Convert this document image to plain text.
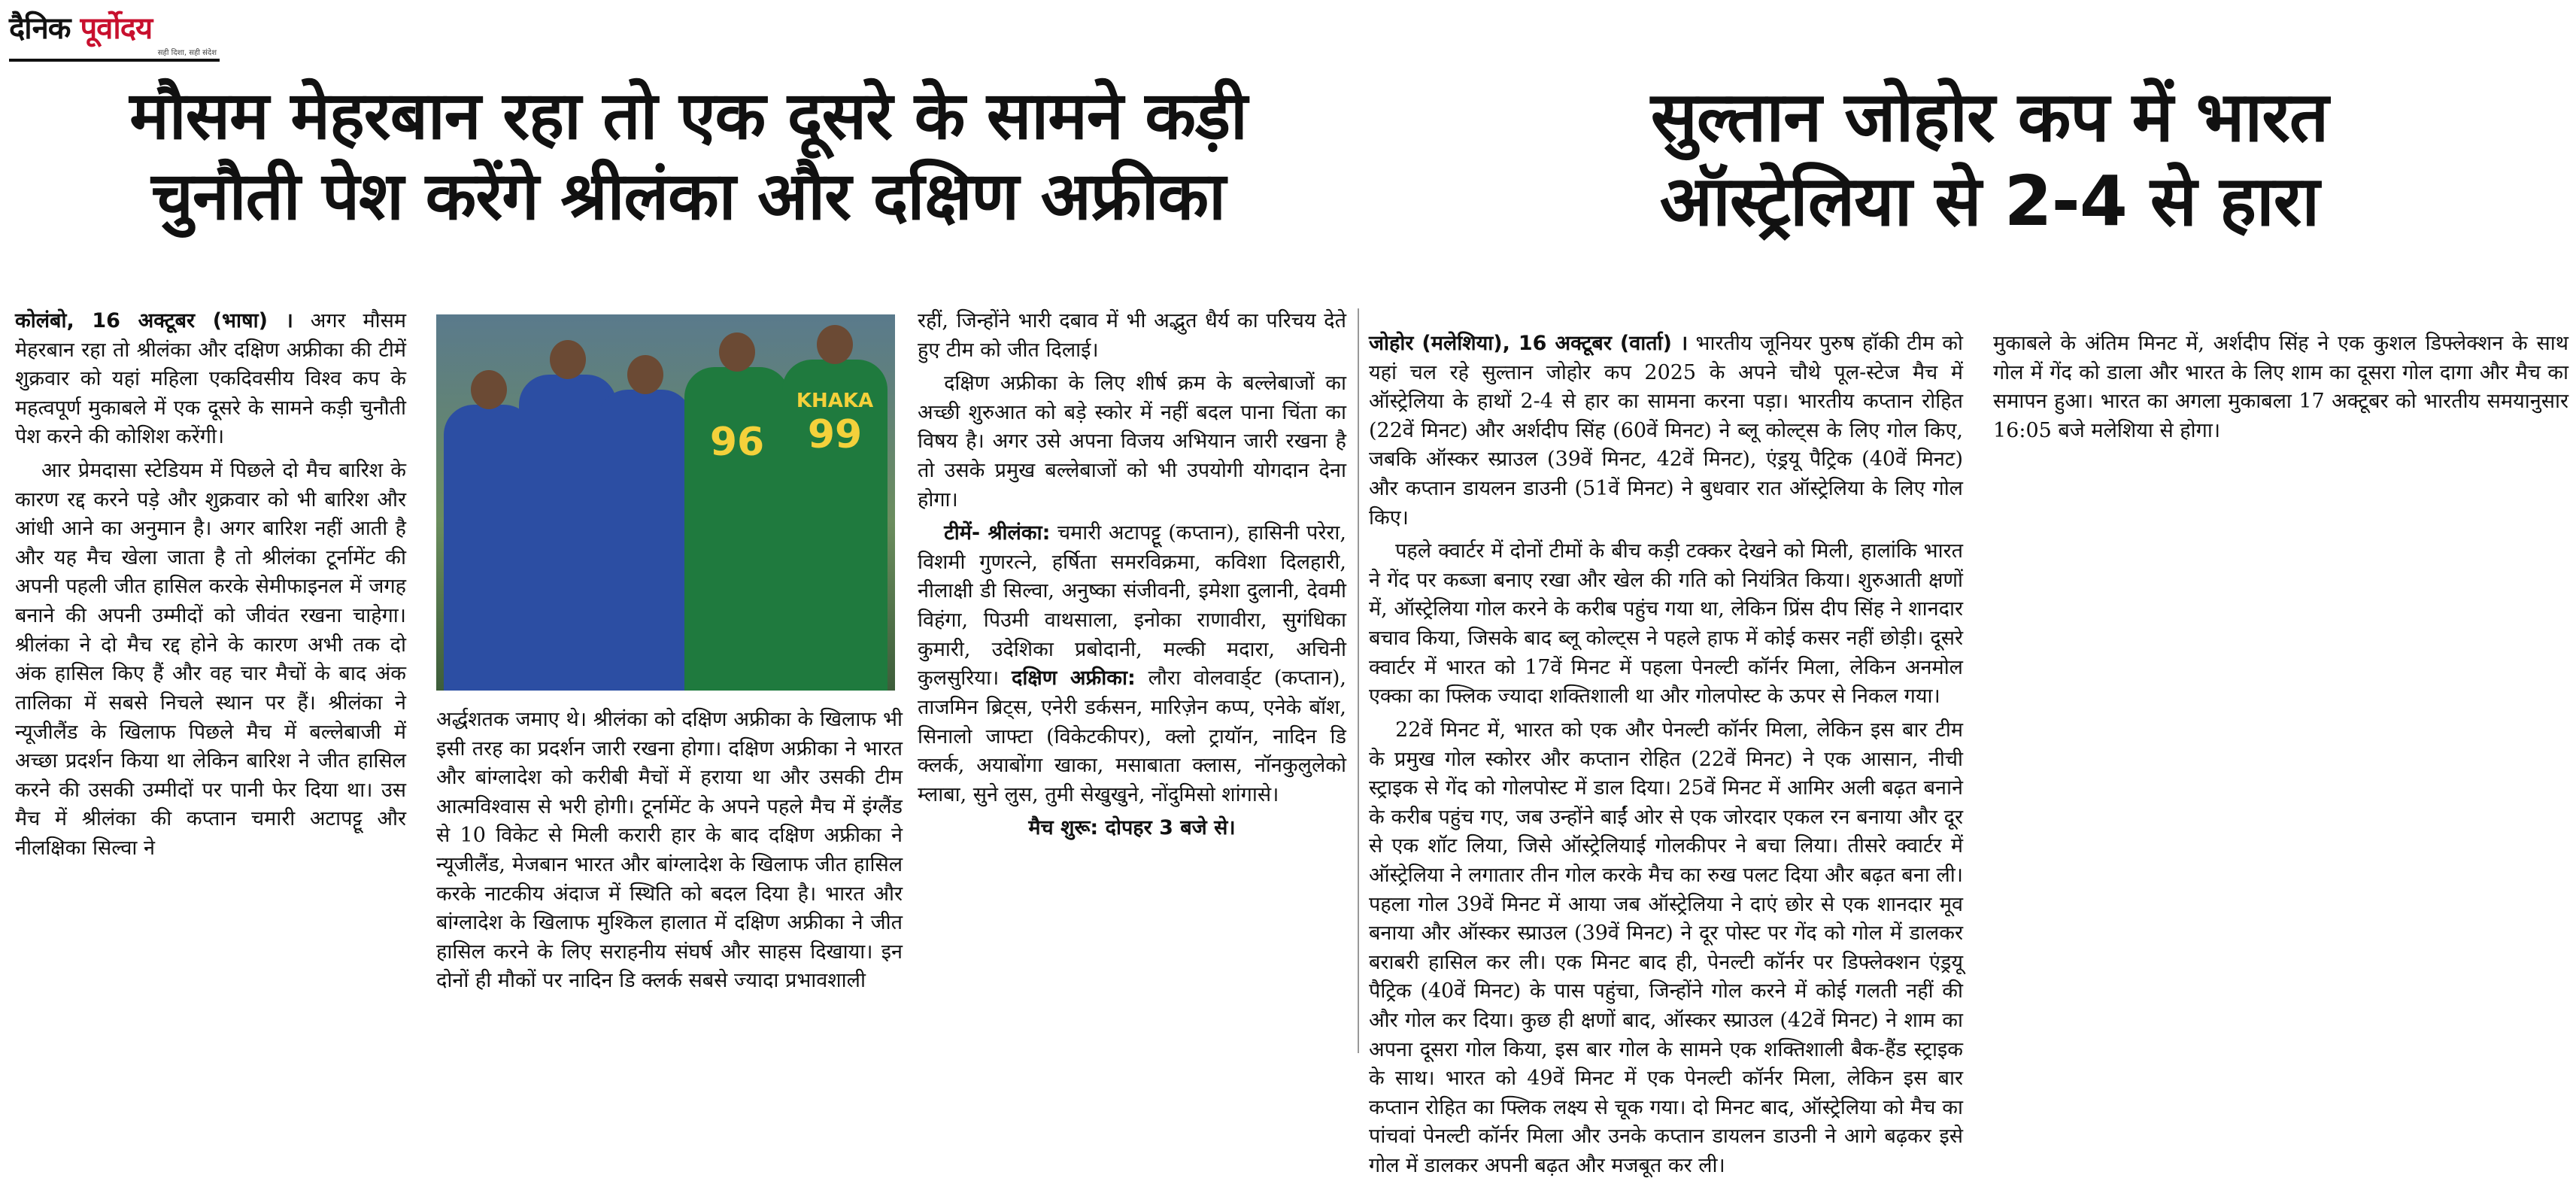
दैनिक पूर्वोदय
सही दिशा, सही संदेश
मौसम मेहरबान रहा तो एक दूसरे के सामने कड़ी
चुनौती पेश करेंगे श्रीलंका और दक्षिण अफ्रीका
सुल्तान जोहोर कप में भारत
ऑस्ट्रेलिया से 2-4 से हारा

कोलंबो, 16 अक्टूबर (भाषा) । अगर मौसम मेहरबान रहा तो श्रीलंका और दक्षिण अफ्रीका की टीमें शुक्रवार को यहां महिला एकदिवसीय विश्व कप के महत्वपूर्ण मुकाबले में एक दूसरे के सामने कड़ी चुनौती पेश करने की कोशिश करेंगी।

आर प्रेमदासा स्टेडियम में पिछले दो मैच बारिश के कारण रद्द करने पड़े और शुक्रवार को भी बारिश और आंधी आने का अनुमान है। अगर बारिश नहीं आती है और यह मैच खेला जाता है तो श्रीलंका टूर्नामेंट की अपनी पहली जीत हासिल करके सेमीफाइनल में जगह बनाने की अपनी उम्मीदों को जीवंत रखना चाहेगा। श्रीलंका ने दो मैच रद्द होने के कारण अभी तक दो अंक हासिल किए हैं और वह चार मैचों के बाद अंक तालिका में सबसे निचले स्थान पर हैं। श्रीलंका ने न्यूजीलैंड के खिलाफ पिछले मैच में बल्लेबाजी में अच्छा प्रदर्शन किया था लेकिन बारिश ने जीत हासिल करने की उसकी उम्मीदों पर पानी फेर दिया था। उस मैच में श्रीलंका की कप्तान चमारी अटापट्टू और नीलक्षिका सिल्वा ने

96
KHAKA
99

अर्द्धशतक जमाए थे। श्रीलंका को दक्षिण अफ्रीका के खिलाफ भी इसी तरह का प्रदर्शन जारी रखना होगा। दक्षिण अफ्रीका ने भारत और बांग्लादेश को करीबी मैचों में हराया था और उसकी टीम आत्मविश्वास से भरी होगी। टूर्नामेंट के अपने पहले मैच में इंग्लैंड से 10 विकेट से मिली करारी हार के बाद दक्षिण अफ्रीका ने न्यूजीलैंड, मेजबान भारत और बांग्लादेश के खिलाफ जीत हासिल करके नाटकीय अंदाज में स्थिति को बदल दिया है। भारत और बांग्लादेश के खिलाफ मुश्किल हालात में दक्षिण अफ्रीका ने जीत हासिल करने के लिए सराहनीय संघर्ष और साहस दिखाया। इन दोनों ही मौकों पर नादिन डि क्लर्क सबसे ज्यादा प्रभावशाली

रहीं, जिन्होंने भारी दबाव में भी अद्भुत धैर्य का परिचय देते हुए टीम को जीत दिलाई।

दक्षिण अफ्रीका के लिए शीर्ष क्रम के बल्लेबाजों का अच्छी शुरुआत को बड़े स्कोर में नहीं बदल पाना चिंता का विषय है। अगर उसे अपना विजय अभियान जारी रखना है तो उसके प्रमुख बल्लेबाजों को भी उपयोगी योगदान देना होगा।

टीमें- श्रीलंका: चमारी अटापट्टू (कप्तान), हासिनी परेरा, विशमी गुणरत्ने, हर्षिता समरविक्रमा, कविशा दिलहारी, नीलाक्षी डी सिल्वा, अनुष्का संजीवनी, इमेशा दुलानी, देवमी विहंगा, पिउमी वाथसाला, इनोका राणावीरा, सुगंधिका कुमारी, उदेशिका प्रबोदानी, मल्की मदारा, अचिनी कुलसुरिया। दक्षिण अफ्रीका: लौरा वोलवार्ड्ट (कप्तान), ताजमिन ब्रिट्स, एनेरी डर्कसन, मारिज़ेन कप्प, एनेके बॉश, सिनालो जाफ्टा (विकेटकीपर), क्लो ट्रायॉन, नादिन डि क्लर्क, अयाबोंगा खाका, मसाबाता क्लास, नॉनकुलुलेको म्लाबा, सुने लुस, तुमी सेखुखुने, नोंदुमिसो शांगासे।

मैच शुरू: दोपहर 3 बजे से।

जोहोर (मलेशिया), 16 अक्टूबर (वार्ता) । भारतीय जूनियर पुरुष हॉकी टीम को यहां चल रहे सुल्तान जोहोर कप 2025 के अपने चौथे पूल-स्टेज मैच में ऑस्ट्रेलिया के हाथों 2-4 से हार का सामना करना पड़ा। भारतीय कप्तान रोहित (22वें मिनट) और अर्शदीप सिंह (60वें मिनट) ने ब्लू कोल्ट्स के लिए गोल किए, जबकि ऑस्कर स्प्राउल (39वें मिनट, 42वें मिनट), एंड्रयू पैट्रिक (40वें मिनट) और कप्तान डायलन डाउनी (51वें मिनट) ने बुधवार रात ऑस्ट्रेलिया के लिए गोल किए।

पहले क्वार्टर में दोनों टीमों के बीच कड़ी टक्कर देखने को मिली, हालांकि भारत ने गेंद पर कब्जा बनाए रखा और खेल की गति को नियंत्रित किया। शुरुआती क्षणों में, ऑस्ट्रेलिया गोल करने के करीब पहुंच गया था, लेकिन प्रिंस दीप सिंह ने शानदार बचाव किया, जिसके बाद ब्लू कोल्ट्स ने पहले हाफ में कोई कसर नहीं छोड़ी। दूसरे क्वार्टर में भारत को 17वें मिनट में पहला पेनल्टी कॉर्नर मिला, लेकिन अनमोल एक्का का फ्लिक ज्यादा शक्तिशाली था और गोलपोस्ट के ऊपर से निकल गया।

22वें मिनट में, भारत को एक और पेनल्टी कॉर्नर मिला, लेकिन इस बार टीम के प्रमुख गोल स्कोरर और कप्तान रोहित (22वें मिनट) ने एक आसान, नीची स्ट्राइक से गेंद को गोलपोस्ट में डाल दिया। 25वें मिनट में आमिर अली बढ़त बनाने के करीब पहुंच गए, जब उन्होंने बाईं ओर से एक जोरदार एकल रन बनाया और दूर से एक शॉट लिया, जिसे ऑस्ट्रेलियाई गोलकीपर ने बचा लिया। तीसरे क्वार्टर में ऑस्ट्रेलिया ने लगातार तीन गोल करके मैच का रुख पलट दिया और बढ़त बना ली। पहला गोल 39वें मिनट में आया जब ऑस्ट्रेलिया ने दाएं छोर से एक शानदार मूव बनाया और ऑस्कर स्प्राउल (39वें मिनट) ने दूर पोस्ट पर गेंद को गोल में डालकर बराबरी हासिल कर ली। एक मिनट बाद ही, पेनल्टी कॉर्नर पर डिफ्लेक्शन एंड्रयू पैट्रिक (40वें मिनट) के पास पहुंचा, जिन्होंने गोल करने में कोई गलती नहीं की और गोल कर दिया। कुछ ही क्षणों बाद, ऑस्कर स्प्राउल (42वें मिनट) ने शाम का अपना दूसरा गोल किया, इस बार गोल के सामने एक शक्तिशाली बैक-हैंड स्ट्राइक के साथ। भारत को 49वें मिनट में एक पेनल्टी कॉर्नर मिला, लेकिन इस बार कप्तान रोहित का फ्लिक लक्ष्य से चूक गया। दो मिनट बाद, ऑस्ट्रेलिया को मैच का पांचवां पेनल्टी कॉर्नर मिला और उनके कप्तान डायलन डाउनी ने आगे बढ़कर इसे गोल में डालकर अपनी बढ़त और मजबूत कर ली।

मुकाबले के अंतिम मिनट में, अर्शदीप सिंह ने एक कुशल डिफ्लेक्शन के साथ गोल में गेंद को डाला और भारत के लिए शाम का दूसरा गोल दागा और मैच का समापन हुआ। भारत का अगला मुकाबला 17 अक्टूबर को भारतीय समयानुसार 16:05 बजे मलेशिया से होगा।
